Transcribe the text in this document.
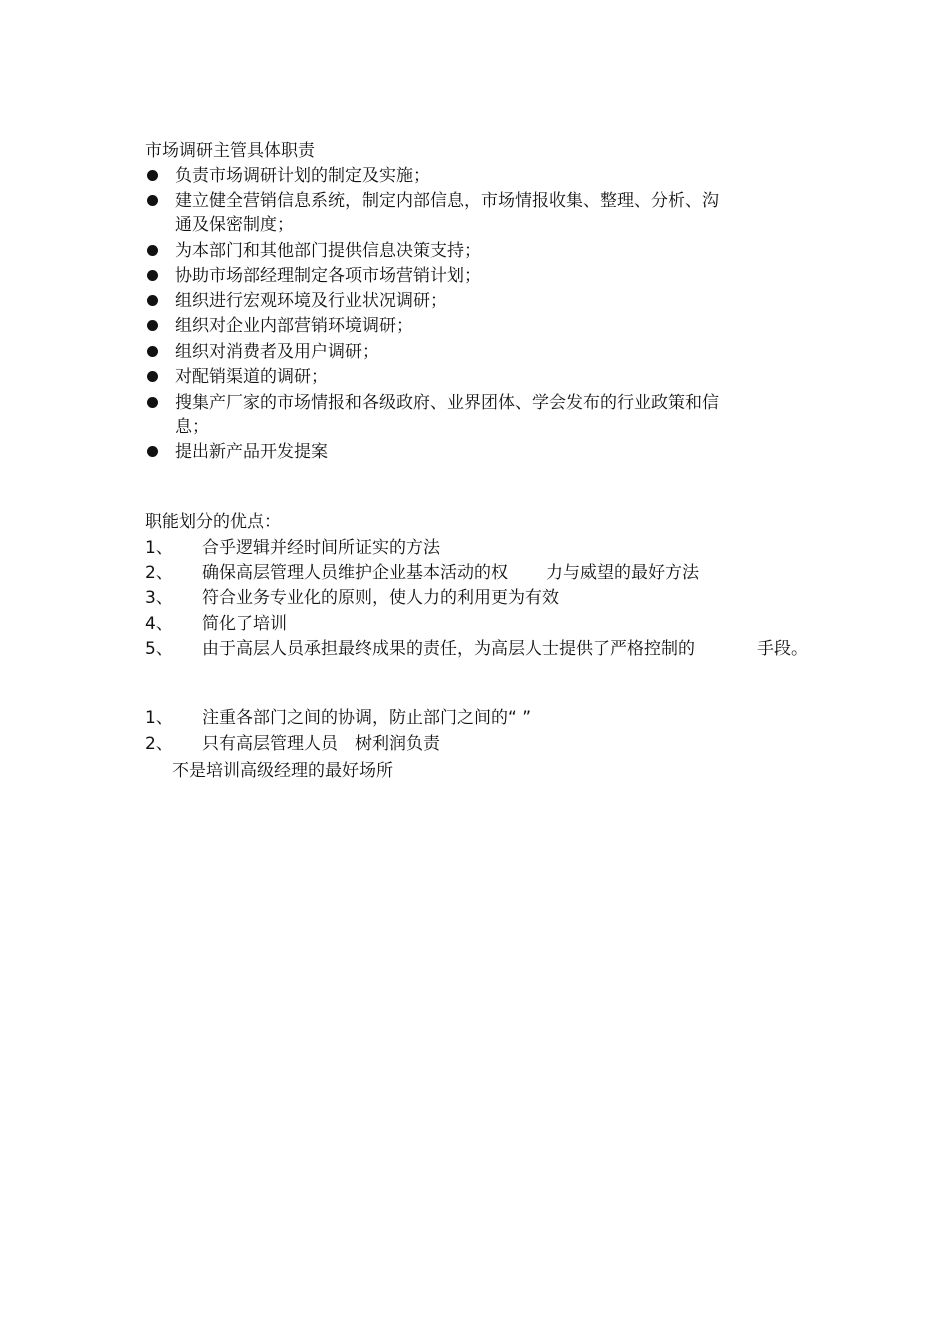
市场调研主管具体职责
负责市场调研计划的制定及实施；
建立健全营销信息系统，制定内部信息，市场情报收集、整理、分析、沟
通及保密制度；
为本部门和其他部门提供信息决策支持；
协助市场部经理制定各项市场营销计划；
组织进行宏观环境及行业状况调研；
组织对企业内部营销环境调研；
组织对消费者及用户调研；
对配销渠道的调研；
搜集产厂家的市场情报和各级政府、业界团体、学会发布的行业政策和信
息；
提出新产品开发提案
职能划分的优点：
1、 合乎逻辑并经时间所证实的方法
2、 确保高层管理人员维护企业基本活动的权 力与威望的最好方法
3、 符合业务专业化的原则，使人力的利用更为有效
4、 简化了培训
5、 由于高层人员承担最终成果的责任，为高层人士提供了严格控制的	手段。
1、 注重各部门之间的协调，防止部门之间的“ ”
2、 只有高层管理人员 树利润负责
不是培训高级经理的最好场所
